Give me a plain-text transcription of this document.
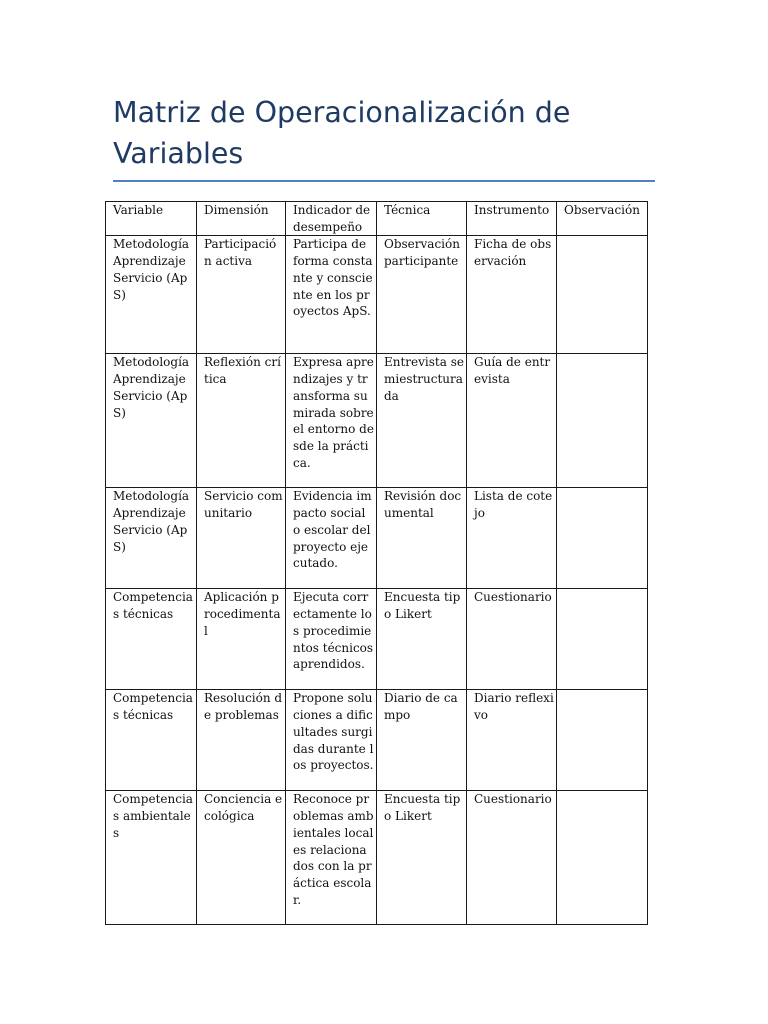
Matriz de Operacionalización de Variables
Variable	Dimensión	Indicador de desempeño	Técnica	Instrumento	Observación
Metodología Aprendizaje Servicio (ApS)	Participación activa	Participa de forma constante y consciente en los proyectos ApS.	Observación participante	Ficha de observación	
Metodología Aprendizaje Servicio (ApS)	Reflexión crítica	Expresa aprendizajes y transforma su mirada sobre el entorno desde la práctica.	Entrevista semiestructurada	Guía de entrevista	
Metodología Aprendizaje Servicio (ApS)	Servicio comunitario	Evidencia impacto social o escolar del proyecto ejecutado.	Revisión documental	Lista de cotejo	
Competencias técnicas	Aplicación procedimental	Ejecuta correctamente los procedimientos técnicos aprendidos.	Encuesta tipo Likert	Cuestionario	
Competencias técnicas	Resolución de problemas	Propone soluciones a dificultades surgidas durante los proyectos.	Diario de campo	Diario reflexivo	
Competencias ambientales	Conciencia ecológica	Reconoce problemas ambientales locales relacionados con la práctica escolar.	Encuesta tipo Likert	Cuestionario	
